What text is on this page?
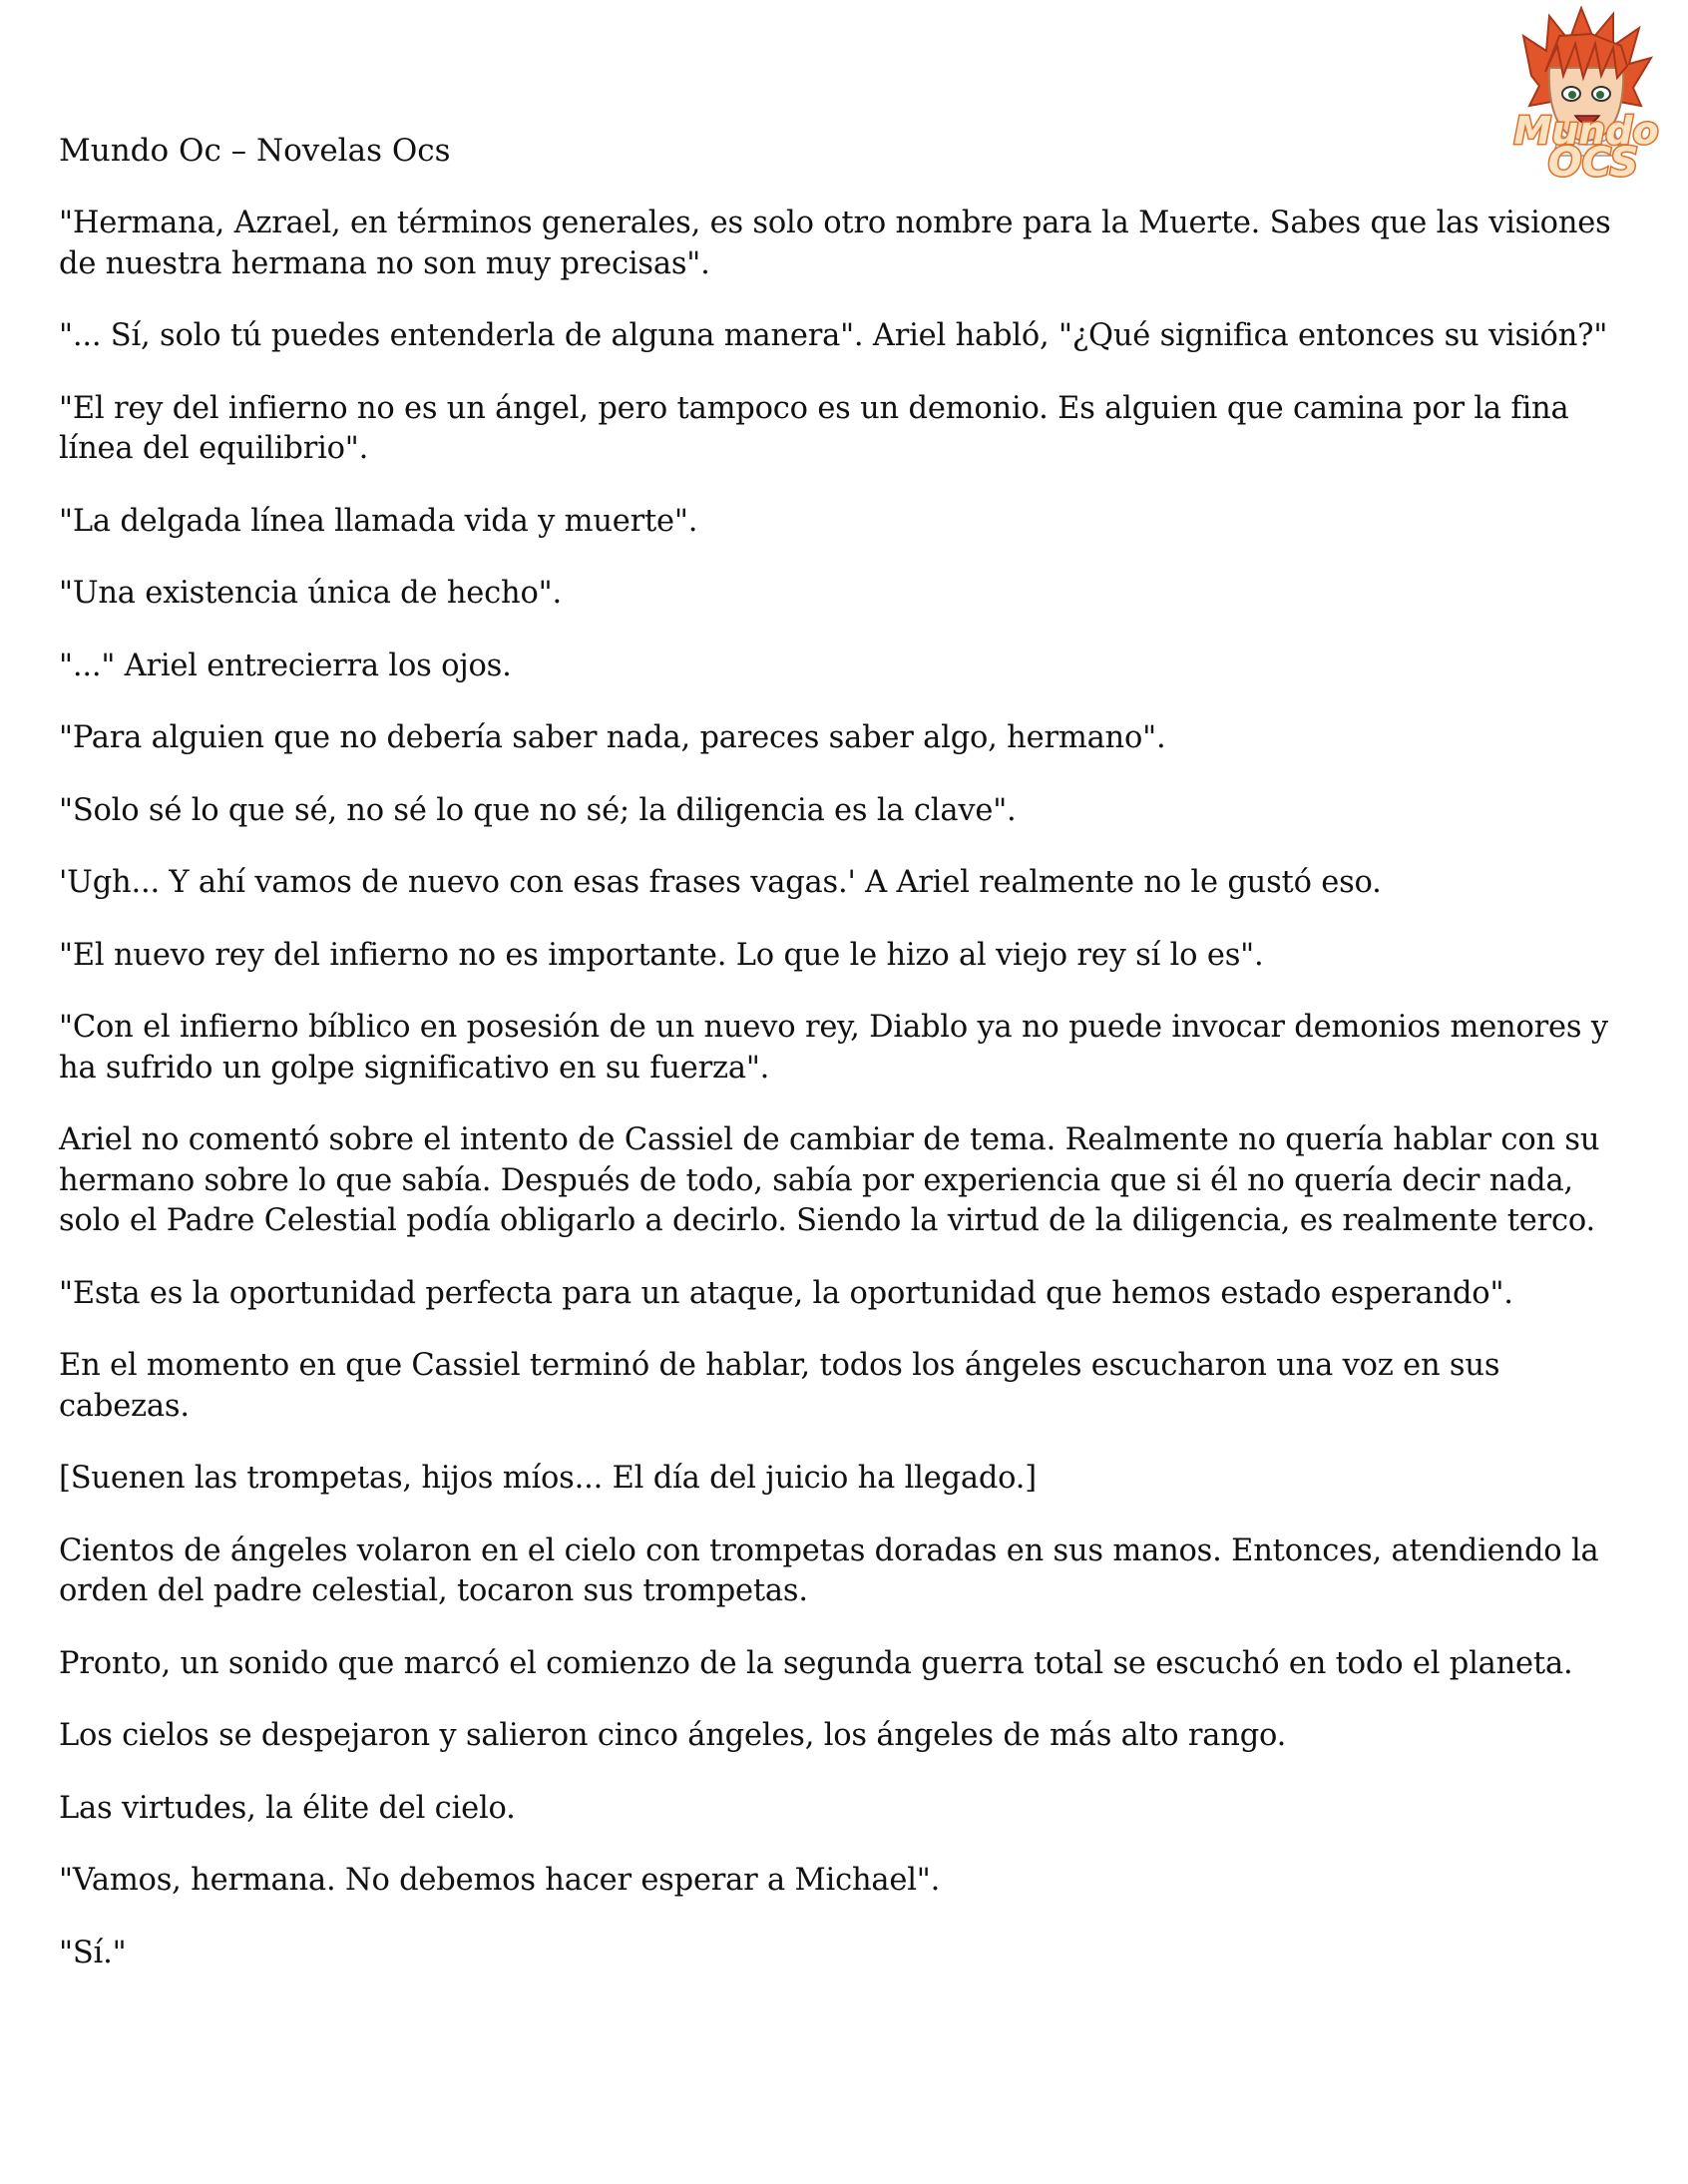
Mundo
OCS
Mundo Oc – Novelas Ocs

"Hermana, Azrael, en términos generales, es solo otro nombre para la Muerte. Sabes que las visiones de nuestra hermana no son muy precisas".

"... Sí, solo tú puedes entenderla de alguna manera". Ariel habló, "¿Qué significa entonces su visión?"

"El rey del infierno no es un ángel, pero tampoco es un demonio. Es alguien que camina por la fina línea del equilibrio".

"La delgada línea llamada vida y muerte".

"Una existencia única de hecho".

"..." Ariel entrecierra los ojos.

"Para alguien que no debería saber nada, pareces saber algo, hermano".

"Solo sé lo que sé, no sé lo que no sé; la diligencia es la clave".

'Ugh... Y ahí vamos de nuevo con esas frases vagas.' A Ariel realmente no le gustó eso.

"El nuevo rey del infierno no es importante. Lo que le hizo al viejo rey sí lo es".

"Con el infierno bíblico en posesión de un nuevo rey, Diablo ya no puede invocar demonios menores y ha sufrido un golpe significativo en su fuerza".

Ariel no comentó sobre el intento de Cassiel de cambiar de tema. Realmente no quería hablar con su hermano sobre lo que sabía. Después de todo, sabía por experiencia que si él no quería decir nada, solo el Padre Celestial podía obligarlo a decirlo. Siendo la virtud de la diligencia, es realmente terco.

"Esta es la oportunidad perfecta para un ataque, la oportunidad que hemos estado esperando".

En el momento en que Cassiel terminó de hablar, todos los ángeles escucharon una voz en sus cabezas.

[Suenen las trompetas, hijos míos... El día del juicio ha llegado.]

Cientos de ángeles volaron en el cielo con trompetas doradas en sus manos. Entonces, atendiendo la orden del padre celestial, tocaron sus trompetas.

Pronto, un sonido que marcó el comienzo de la segunda guerra total se escuchó en todo el planeta.

Los cielos se despejaron y salieron cinco ángeles, los ángeles de más alto rango.

Las virtudes, la élite del cielo.

"Vamos, hermana. No debemos hacer esperar a Michael".

"Sí."
